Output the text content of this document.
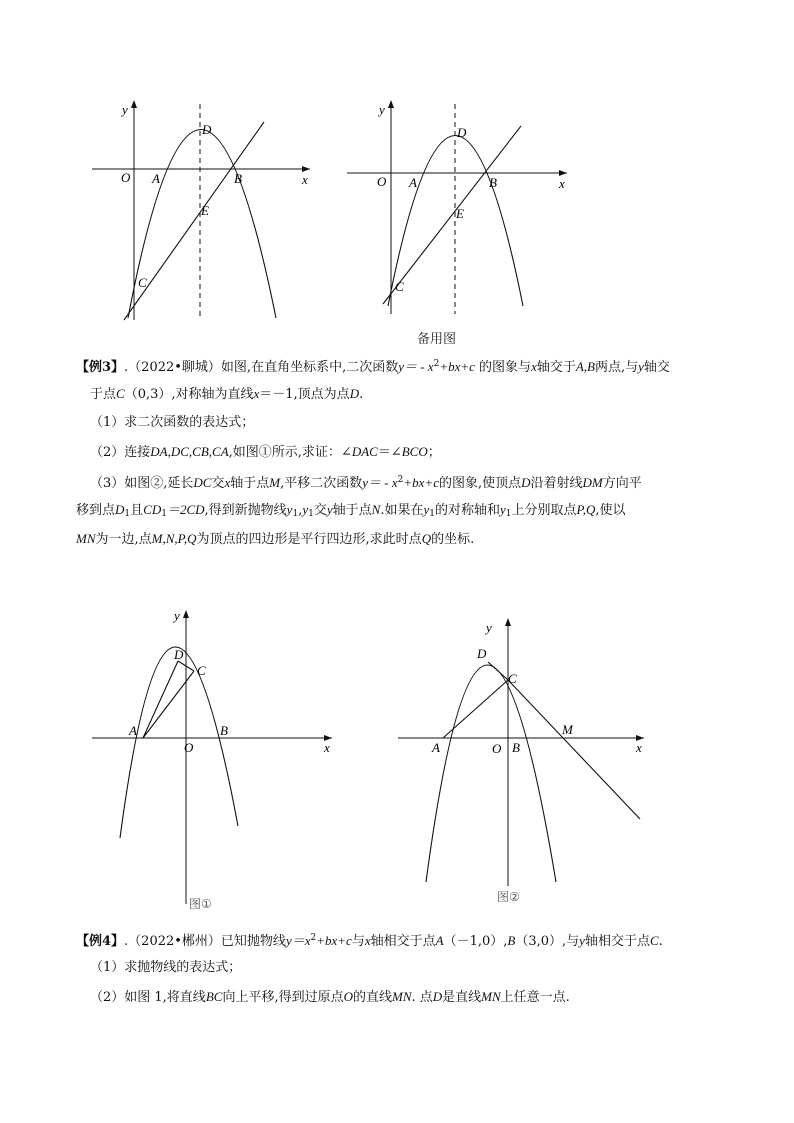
y
x
O A	B
C
D
E
y
x
O A	B
C
D
E
备用图
【例3】.（2022•聊城）如图,在直角坐标系中,二次函数$y= - x^2+bx+c$ 的图象与x轴交于A,B两点,与y轴交
于点C（0,3）,对称轴为直线x＝－1,顶点为点D.
（1）求二次函数的表达式；
（2）连接DA,DC,CB,CA,如图①所示,求证：∠DAC＝∠BCO；
（3）如图②,延长DC交x轴于点M,平移二次函数$y= - x^2+bx+c$的图象,使顶点D沿着射线DM方向平
移到点$D_1$且$CD_1=2CD$,得到新抛物线$y_1,y_1$交y轴于点N.如果在$y_1$的对称轴和$y_1$上分别取点P,Q,使以
MN为一边,点M,N,P,Q为顶点的四边形是平行四边形,求此时点Q的坐标.
y
x
O
A	B
C
D
图①
y
x
O
A	B
C
D
M
图②
【例4】.（2022•郴州）已知抛物线$y=x^2+bx+c$与x轴相交于点A（－1,0）,B（3,0）,与y轴相交于点C.
（1）求抛物线的表达式；
（2）如图 1,将直线BC向上平移,得到过原点O的直线MN. 点D是直线MN上任意一点.
